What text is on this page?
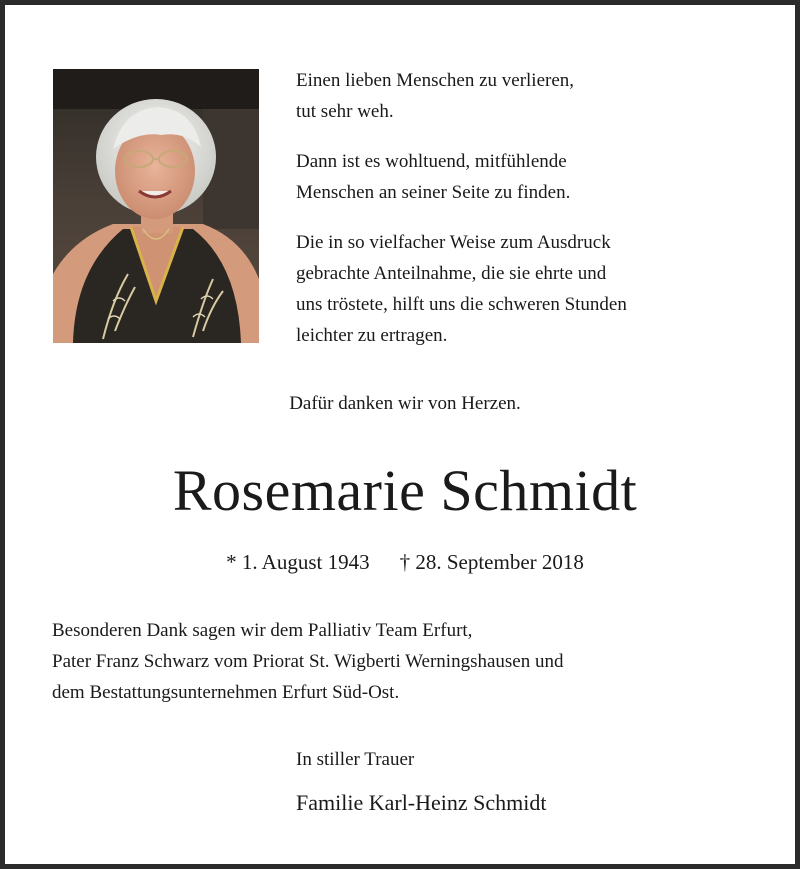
Einen lieben Menschen zu verlieren,
tut sehr weh.

Dann ist es wohltuend, mitfühlende
Menschen an seiner Seite zu finden.

Die in so vielfacher Weise zum Ausdruck
gebrachte Anteilnahme, die sie ehrte und
uns tröstete, hilft uns die schweren Stunden
leichter zu ertragen.

Dafür danken wir von Herzen.
Rosemarie Schmidt
* 1. August 1943 † 28. September 2018
Besonderen Dank sagen wir dem Palliativ Team Erfurt,
Pater Franz Schwarz vom Priorat St. Wigberti Werningshausen und
dem Bestattungsunternehmen Erfurt Süd-Ost.
In stiller Trauer
Familie Karl-Heinz Schmidt
